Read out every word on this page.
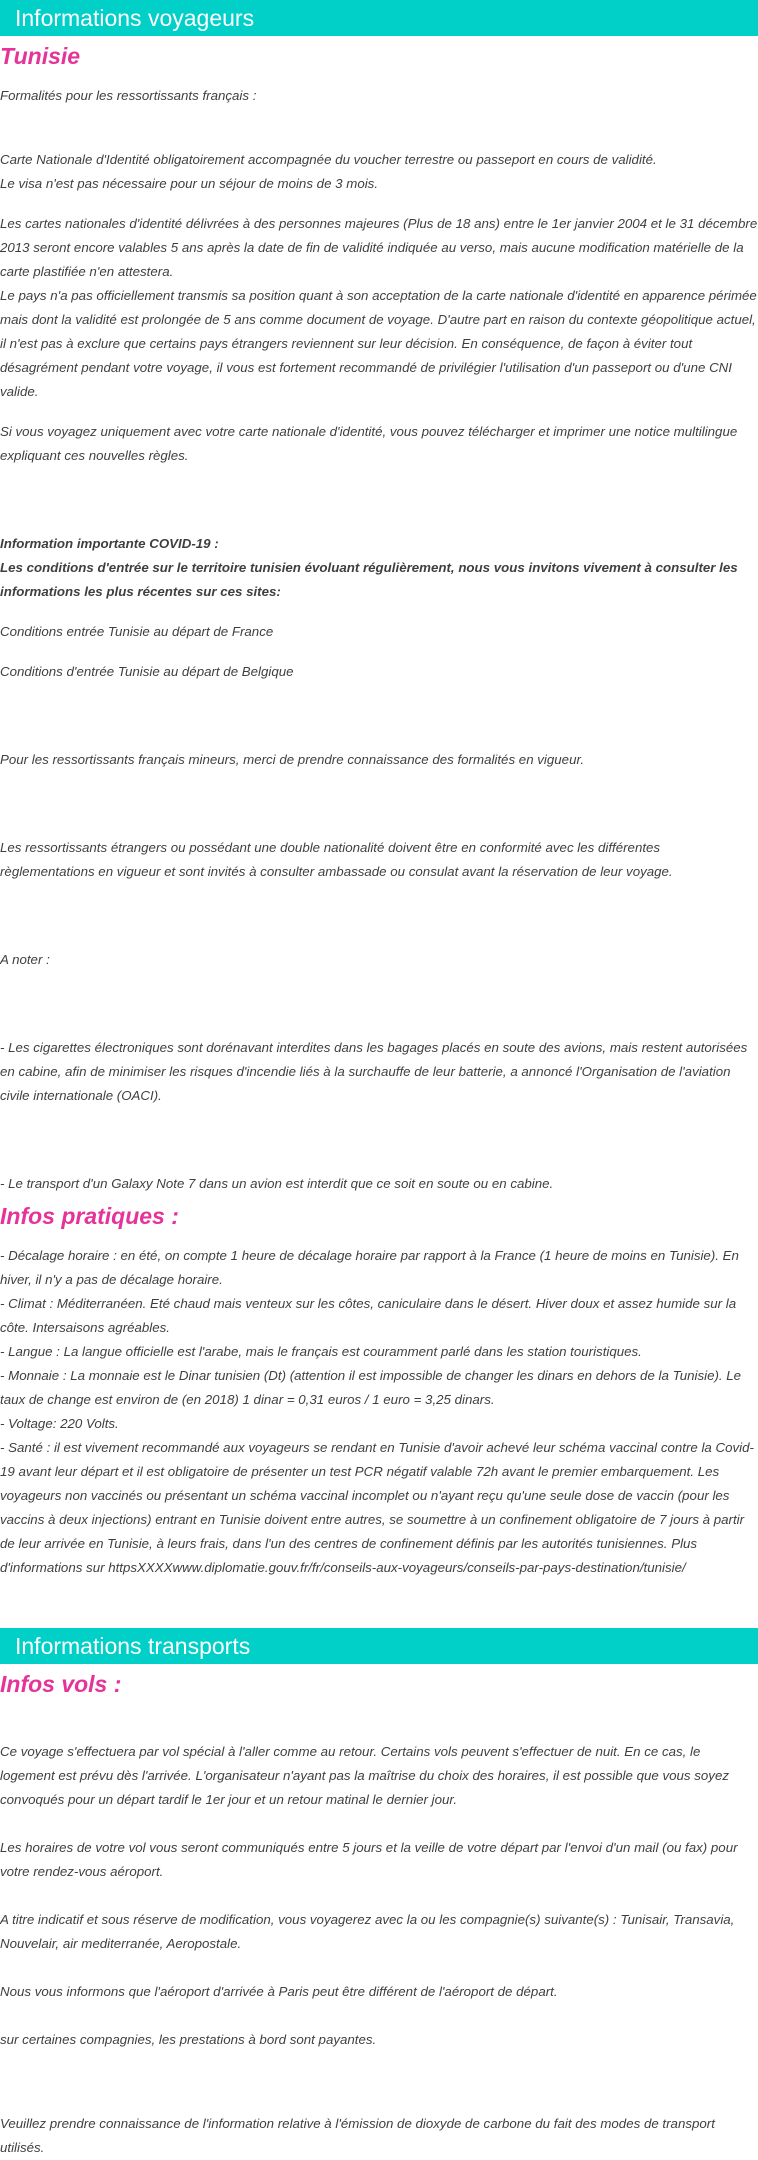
Informations voyageurs
Tunisie

Formalités pour les ressortissants français :

Carte Nationale d'Identité obligatoirement accompagnée du voucher terrestre ou passeport en cours de validité.

Le visa n'est pas nécessaire pour un séjour de moins de 3 mois.

Les cartes nationales d'identité délivrées à des personnes majeures (Plus de 18 ans) entre le 1er janvier 2004 et le 31 décembre 2013 seront encore valables 5 ans après la date de fin de validité indiquée au verso, mais aucune modification matérielle de la carte plastifiée n'en attestera.

Le pays n'a pas officiellement transmis sa position quant à son acceptation de la carte nationale d'identité en apparence périmée mais dont la validité est prolongée de 5 ans comme document de voyage. D'autre part en raison du contexte géopolitique actuel, il n'est pas à exclure que certains pays étrangers reviennent sur leur décision. En conséquence, de façon à éviter tout désagrément pendant votre voyage, il vous est fortement recommandé de privilégier l'utilisation d'un passeport ou d'une CNI valide.

Si vous voyagez uniquement avec votre carte nationale d'identité, vous pouvez télécharger et imprimer une notice multilingue expliquant ces nouvelles règles.

Information importante COVID-19 :

Les conditions d'entrée sur le territoire tunisien évoluant régulièrement, nous vous invitons vivement à consulter les informations les plus récentes sur ces sites:

Conditions entrée Tunisie au départ de France

Conditions d'entrée Tunisie au départ de Belgique

Pour les ressortissants français mineurs, merci de prendre connaissance des formalités en vigueur.

Les ressortissants étrangers ou possédant une double nationalité doivent être en conformité avec les différentes règlementations en vigueur et sont invités à consulter ambassade ou consulat avant la réservation de leur voyage.

A noter :

- Les cigarettes électroniques sont dorénavant interdites dans les bagages placés en soute des avions, mais restent autorisées en cabine, afin de minimiser les risques d'incendie liés à la surchauffe de leur batterie, a annoncé l'Organisation de l'aviation civile internationale (OACI).

- Le transport d'un Galaxy Note 7 dans un avion est interdit que ce soit en soute ou en cabine.

Infos pratiques :

- Décalage horaire : en été, on compte 1 heure de décalage horaire par rapport à la France (1 heure de moins en Tunisie). En hiver, il n'y a pas de décalage horaire.

- Climat : Méditerranéen. Eté chaud mais venteux sur les côtes, caniculaire dans le désert. Hiver doux et assez humide sur la côte. Intersaisons agréables.

- Langue : La langue officielle est l'arabe, mais le français est couramment parlé dans les station touristiques.

- Monnaie : La monnaie est le Dinar tunisien (Dt) (attention il est impossible de changer les dinars en dehors de la Tunisie). Le taux de change est environ de (en 2018) 1 dinar = 0,31 euros / 1 euro = 3,25 dinars.

- Voltage: 220 Volts.

- Santé : il est vivement recommandé aux voyageurs se rendant en Tunisie d'avoir achevé leur schéma vaccinal contre la Covid-19 avant leur départ et il est obligatoire de présenter un test PCR négatif valable 72h avant le premier embarquement. Les voyageurs non vaccinés ou présentant un schéma vaccinal incomplet ou n'ayant reçu qu'une seule dose de vaccin (pour les vaccins à deux injections) entrant en Tunisie doivent entre autres, se soumettre à un confinement obligatoire de 7 jours à partir de leur arrivée en Tunisie, à leurs frais, dans l'un des centres de confinement définis par les autorités tunisiennes. Plus d'informations sur httpsXXXXwww.diplomatie.gouv.fr/fr/conseils-aux-voyageurs/conseils-par-pays-destination/tunisie/

Informations transports
Infos vols :

Ce voyage s'effectuera par vol spécial à l'aller comme au retour. Certains vols peuvent s'effectuer de nuit. En ce cas, le logement est prévu dès l'arrivée. L'organisateur n'ayant pas la maîtrise du choix des horaires, il est possible que vous soyez convoqués pour un départ tardif le 1er jour et un retour matinal le dernier jour.

Les horaires de votre vol vous seront communiqués entre 5 jours et la veille de votre départ par l'envoi d'un mail (ou fax) pour votre rendez-vous aéroport.

A titre indicatif et sous réserve de modification, vous voyagerez avec la ou les compagnie(s) suivante(s) : Tunisair, Transavia, Nouvelair, air mediterranée, Aeropostale.

Nous vous informons que l'aéroport d'arrivée à Paris peut être différent de l'aéroport de départ.

sur certaines compagnies, les prestations à bord sont payantes.

Veuillez prendre connaissance de l'information relative à l'émission de dioxyde de carbone du fait des modes de transport utilisés.
